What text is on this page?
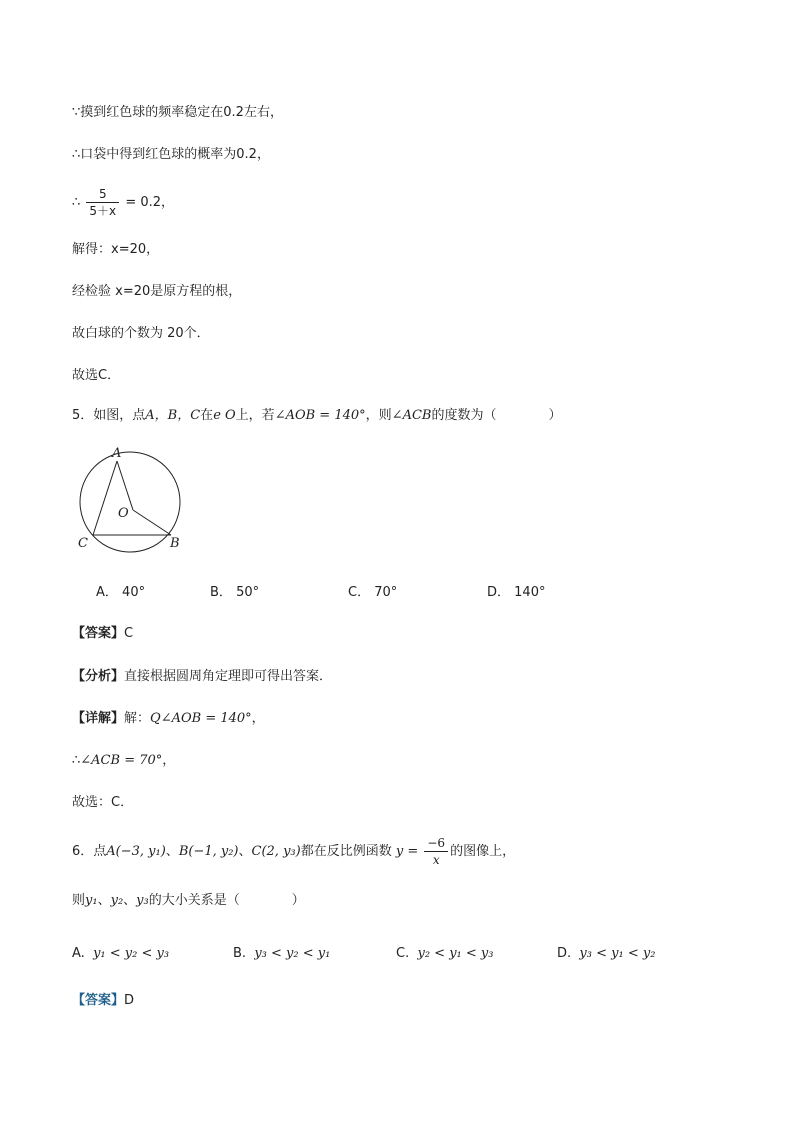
∵摸到红色球的频率稳定在0.2左右，
∴口袋中得到红色球的概率为0.2，
∴ $\frac{5}{5+x} = 0.2$，
解得：x=20，
经检验 x=20是原方程的根，
故白球的个数为 20个．
故选C．
5．如图，点A，B，C在e O上，若∠AOB = 140°，则∠ACB的度数为（　　　　）
A
O
C	B
A． 40°	B． 50°	C． 70°	D． 140°
【答案】C
【分析】直接根据圆周角定理即可得出答案．
【详解】解：Q∠AOB = 140°，
∴∠ACB = 70°，
故选：C．
6．点A(−3, y₁)、B(−1, y₂)、C(2, y₃)都在反比例函数 $y = \frac{-6}{x}$ 的图像上，
则y₁、y₂、y₃的大小关系是（　　　　）
A. y₁ < y₂ < y₃	B. y₃ < y₂ < y₁	C. y₂ < y₁ < y₃	D. y₃ < y₁ < y₂
【答案】D
